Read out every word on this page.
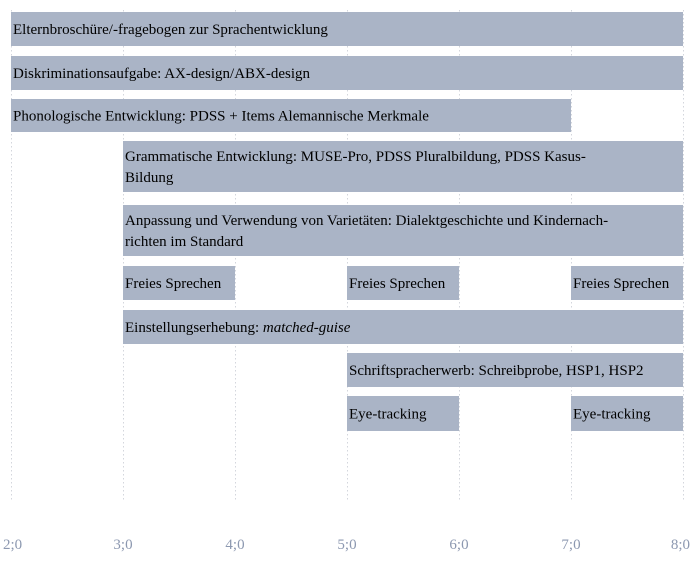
Elternbroschüre/-fragebogen zur Sprachentwicklung
Diskriminationsaufgabe: AX-design/ABX-design
Phonologische Entwicklung: PDSS + Items Alemannische Merkmale
Grammatische Entwicklung: MUSE-Pro, PDSS Pluralbildung, PDSS Kasus-
Bildung
Anpassung und Verwendung von Varietäten: Dialektgeschichte und Kindernach-
richten im Standard
Freies Sprechen	Freies Sprechen	Freies Sprechen
Einstellungserhebung: matched-guise
Schriftspracherwerb: Schreibprobe, HSP1, HSP2
Eye-tracking	Eye-tracking
2;0	3;0	4;0	5;0	6;0	7;0	8;0
